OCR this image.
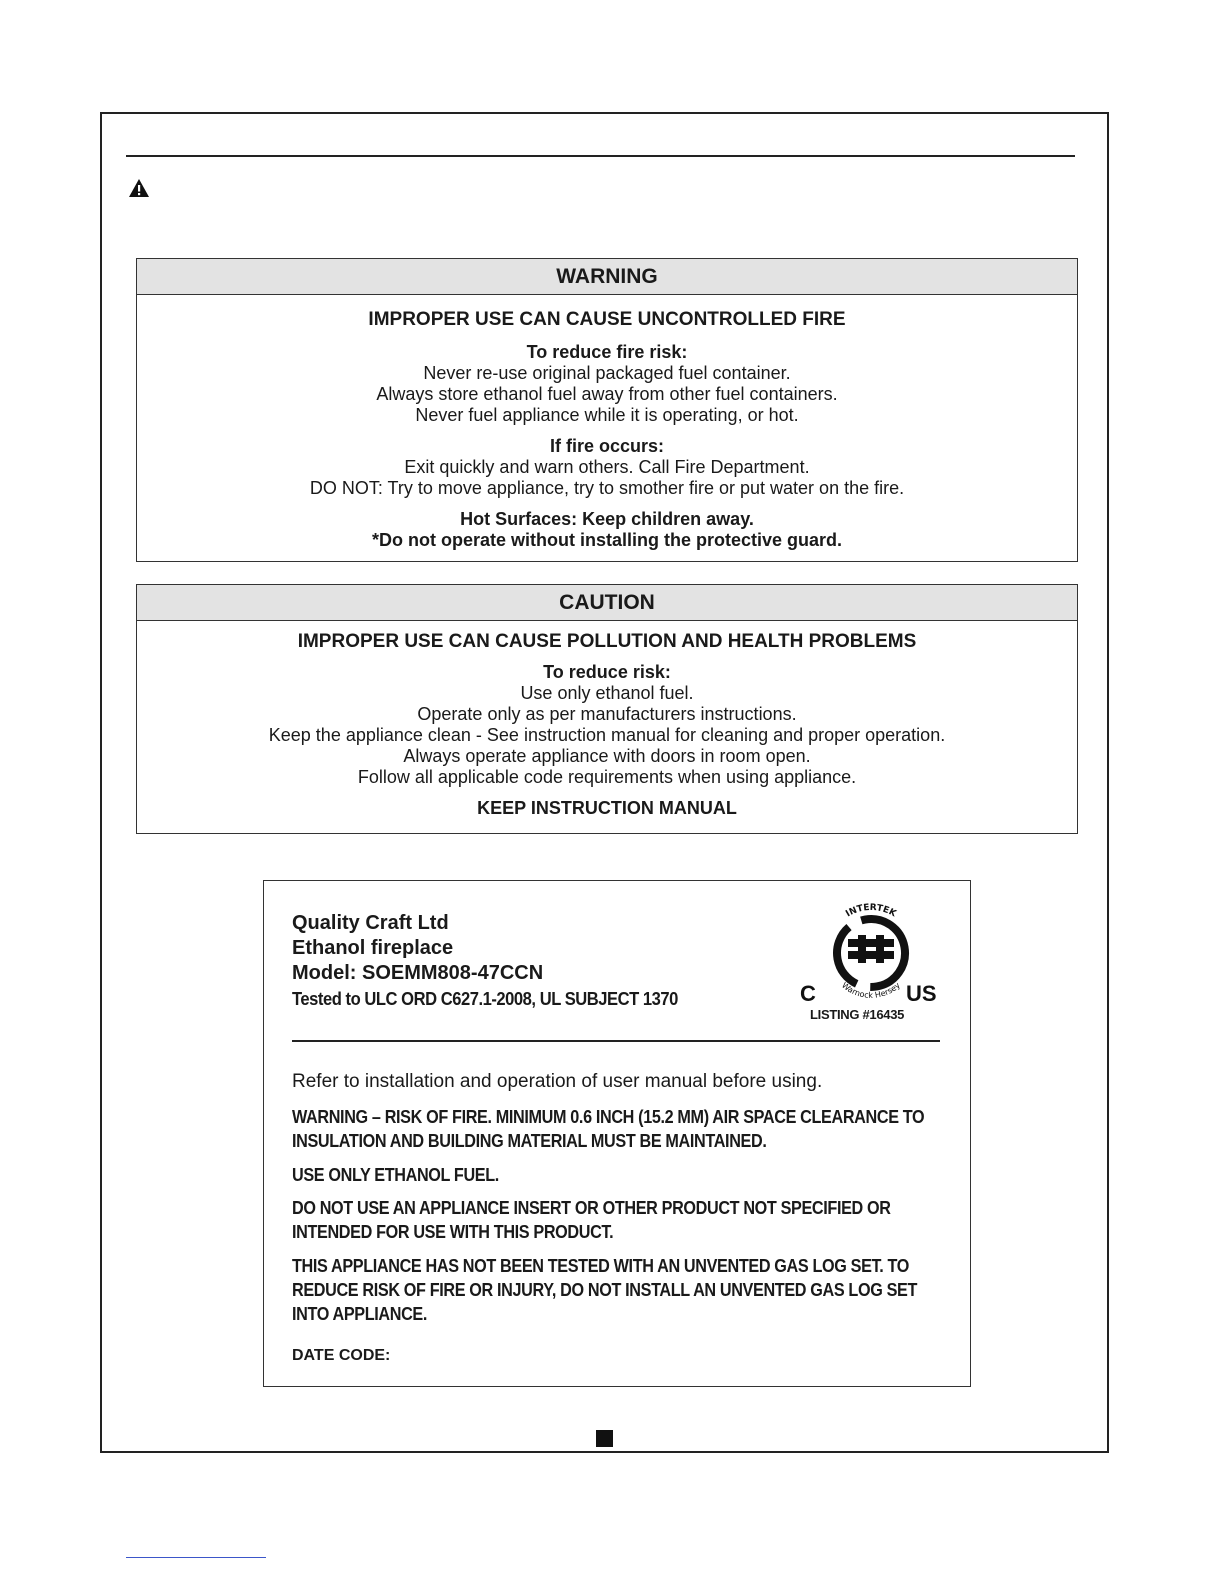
WARNING
IMPROPER USE CAN CAUSE UNCONTROLLED FIRE
To reduce fire risk:
Never re-use original packaged fuel container.
Always store ethanol fuel away from other fuel containers.
Never fuel appliance while it is operating, or hot.
If fire occurs:
Exit quickly and warn others. Call Fire Department.
DO NOT: Try to move appliance, try to smother fire or put water on the fire.
Hot Surfaces: Keep children away.
*Do not operate without installing the protective guard.
CAUTION
IMPROPER USE CAN CAUSE POLLUTION AND HEALTH PROBLEMS
To reduce risk:
Use only ethanol fuel.
Operate only as per manufacturers instructions.
Keep the appliance clean - See instruction manual for cleaning and proper operation.
Always operate appliance with doors in room open.
Follow all applicable code requirements when using appliance.
KEEP INSTRUCTION MANUAL
Quality Craft Ltd
Ethanol fireplace
Model: SOEMM808-47CCN
Tested to ULC ORD C627.1-2008, UL SUBJECT 1370
INTERTEK
Warnock Hersey
C	US
LISTING #16435
Refer to installation and operation of user manual before using.
WARNING – RISK OF FIRE. MINIMUM 0.6 INCH (15.2 MM) AIR SPACE CLEARANCE TO INSULATION AND BUILDING MATERIAL MUST BE MAINTAINED.
USE ONLY ETHANOL FUEL.
DO NOT USE AN APPLIANCE INSERT OR OTHER PRODUCT NOT SPECIFIED OR INTENDED FOR USE WITH THIS PRODUCT.
THIS APPLIANCE HAS NOT BEEN TESTED WITH AN UNVENTED GAS LOG SET. TO REDUCE RISK OF FIRE OR INJURY, DO NOT INSTALL AN UNVENTED GAS LOG SET INTO APPLIANCE.
DATE CODE:
